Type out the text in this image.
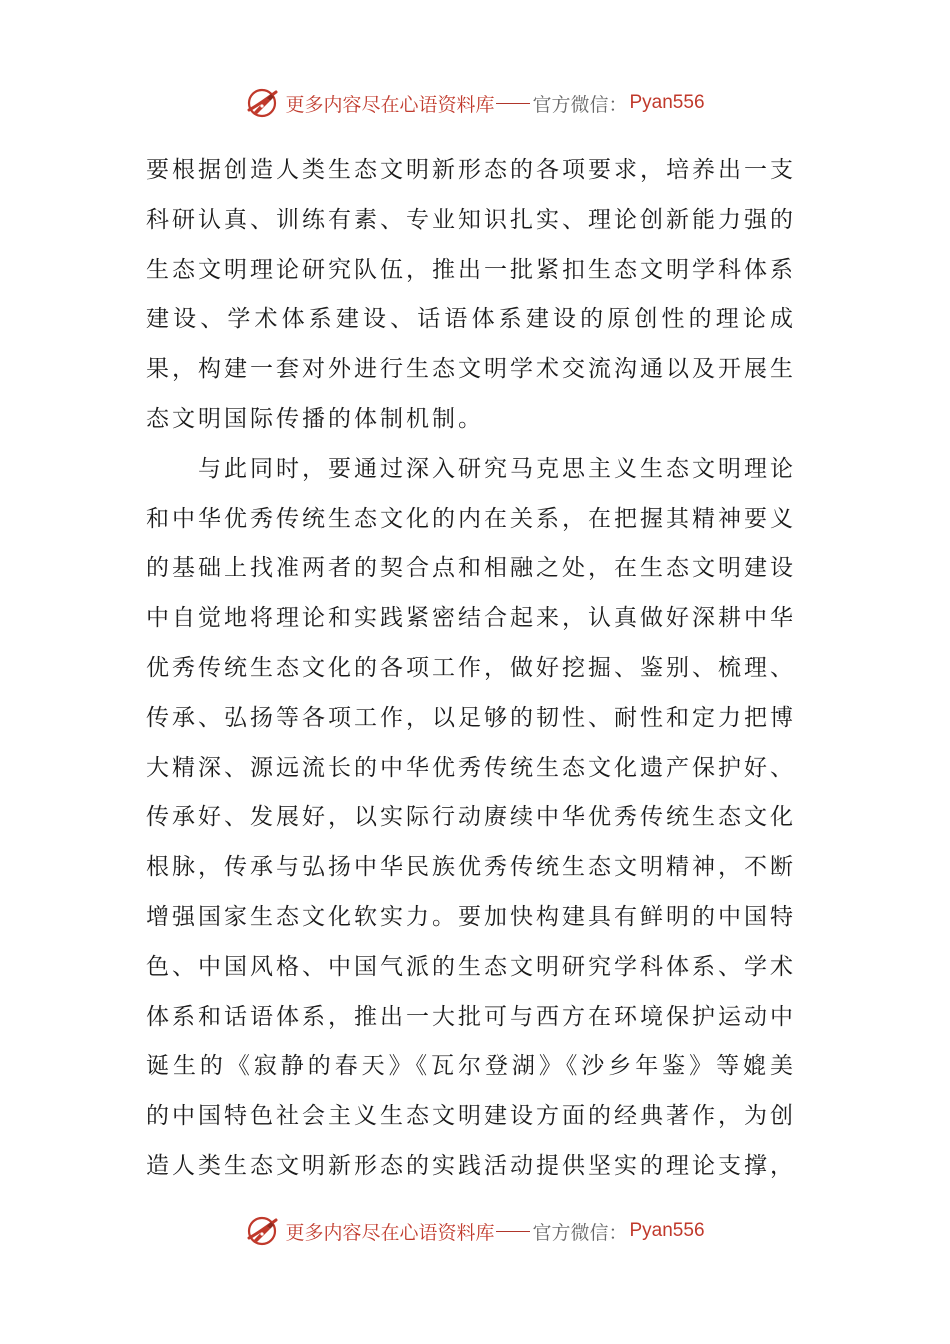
更多内容尽在心语资料库 官方微信： Pyan556

要根据创造人类生态文明新形态的各项要求，培养出一支科研认真、训练有素、专业知识扎实、理论创新能力强的生态文明理论研究队伍，推出一批紧扣生态文明学科体系建设、学术体系建设、话语体系建设的原创性的理论成果，构建一套对外进行生态文明学术交流沟通以及开展生态文明国际传播的体制机制。

与此同时，要通过深入研究马克思主义生态文明理论和中华优秀传统生态文化的内在关系，在把握其精神要义的基础上找准两者的契合点和相融之处，在生态文明建设中自觉地将理论和实践紧密结合起来，认真做好深耕中华优秀传统生态文化的各项工作，做好挖掘、鉴别、梳理、传承、弘扬等各项工作，以足够的韧性、耐性和定力把博大精深、源远流长的中华优秀传统生态文化遗产保护好、传承好、发展好，以实际行动赓续中华优秀传统生态文化根脉，传承与弘扬中华民族优秀传统生态文明精神，不断增强国家生态文化软实力。要加快构建具有鲜明的中国特色、中国风格、中国气派的生态文明研究学科体系、学术体系和话语体系，推出一大批可与西方在环境保护运动中诞生的《寂静的春天》《瓦尔登湖》《沙乡年鉴》等媲美的中国特色社会主义生态文明建设方面的经典著作，为创造人类生态文明新形态的实践活动提供坚实的理论支撑，

更多内容尽在心语资料库 官方微信： Pyan556
